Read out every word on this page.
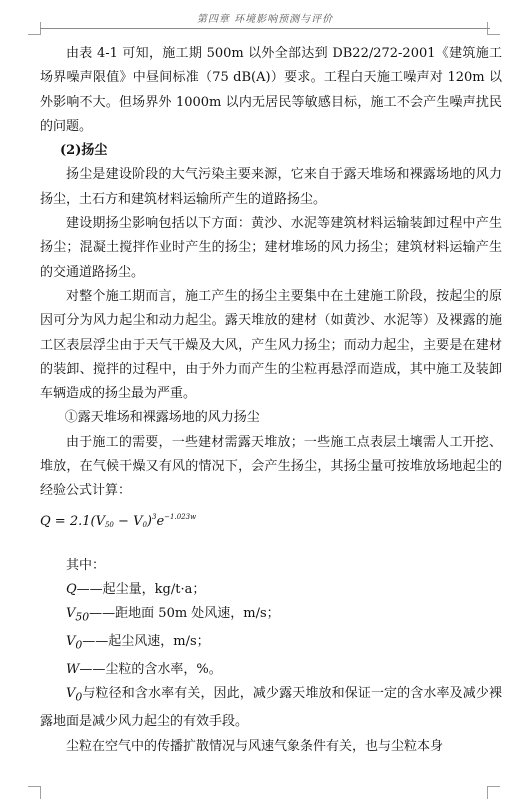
第四章 环境影响预测与评价

由表 4-1 可知，施工期 500m 以外全部达到 DB22/272-2001《建筑施工场界噪声限值》中昼间标准（75 dB(A)）要求。工程白天施工噪声对 120m 以外影响不大。但场界外 1000m 以内无居民等敏感目标，施工不会产生噪声扰民的问题。

(2)扬尘

扬尘是建设阶段的大气污染主要来源，它来自于露天堆场和裸露场地的风力扬尘，土石方和建筑材料运输所产生的道路扬尘。

建设期扬尘影响包括以下方面：黄沙、水泥等建筑材料运输装卸过程中产生扬尘；混凝土搅拌作业时产生的扬尘；建材堆场的风力扬尘；建筑材料运输产生的交通道路扬尘。

对整个施工期而言，施工产生的扬尘主要集中在土建施工阶段，按起尘的原因可分为风力起尘和动力起尘。露天堆放的建材（如黄沙、水泥等）及裸露的施工区表层浮尘由于天气干燥及大风，产生风力扬尘；而动力起尘，主要是在建材的装卸、搅拌的过程中，由于外力而产生的尘粒再悬浮而造成，其中施工及装卸车辆造成的扬尘最为严重。

①露天堆场和裸露场地的风力扬尘

由于施工的需要，一些建材需露天堆放；一些施工点表层土壤需人工开挖、堆放，在气候干燥又有风的情况下，会产生扬尘，其扬尘量可按堆放场地起尘的经验公式计算：

$Q = 2.1(V_{50} - V_0)^3e^{-1.023w}$

其中：

Q——起尘量，kg/t·a；

$V_{50}——$距地面 50m 处风速，m/s；

$V_0——$起尘风速，m/s；

W——尘粒的含水率，%。

$V_0$与粒径和含水率有关，因此，减少露天堆放和保证一定的含水率及减少裸露地面是减少风力起尘的有效手段。

尘粒在空气中的传播扩散情况与风速气象条件有关，也与尘粒本身
